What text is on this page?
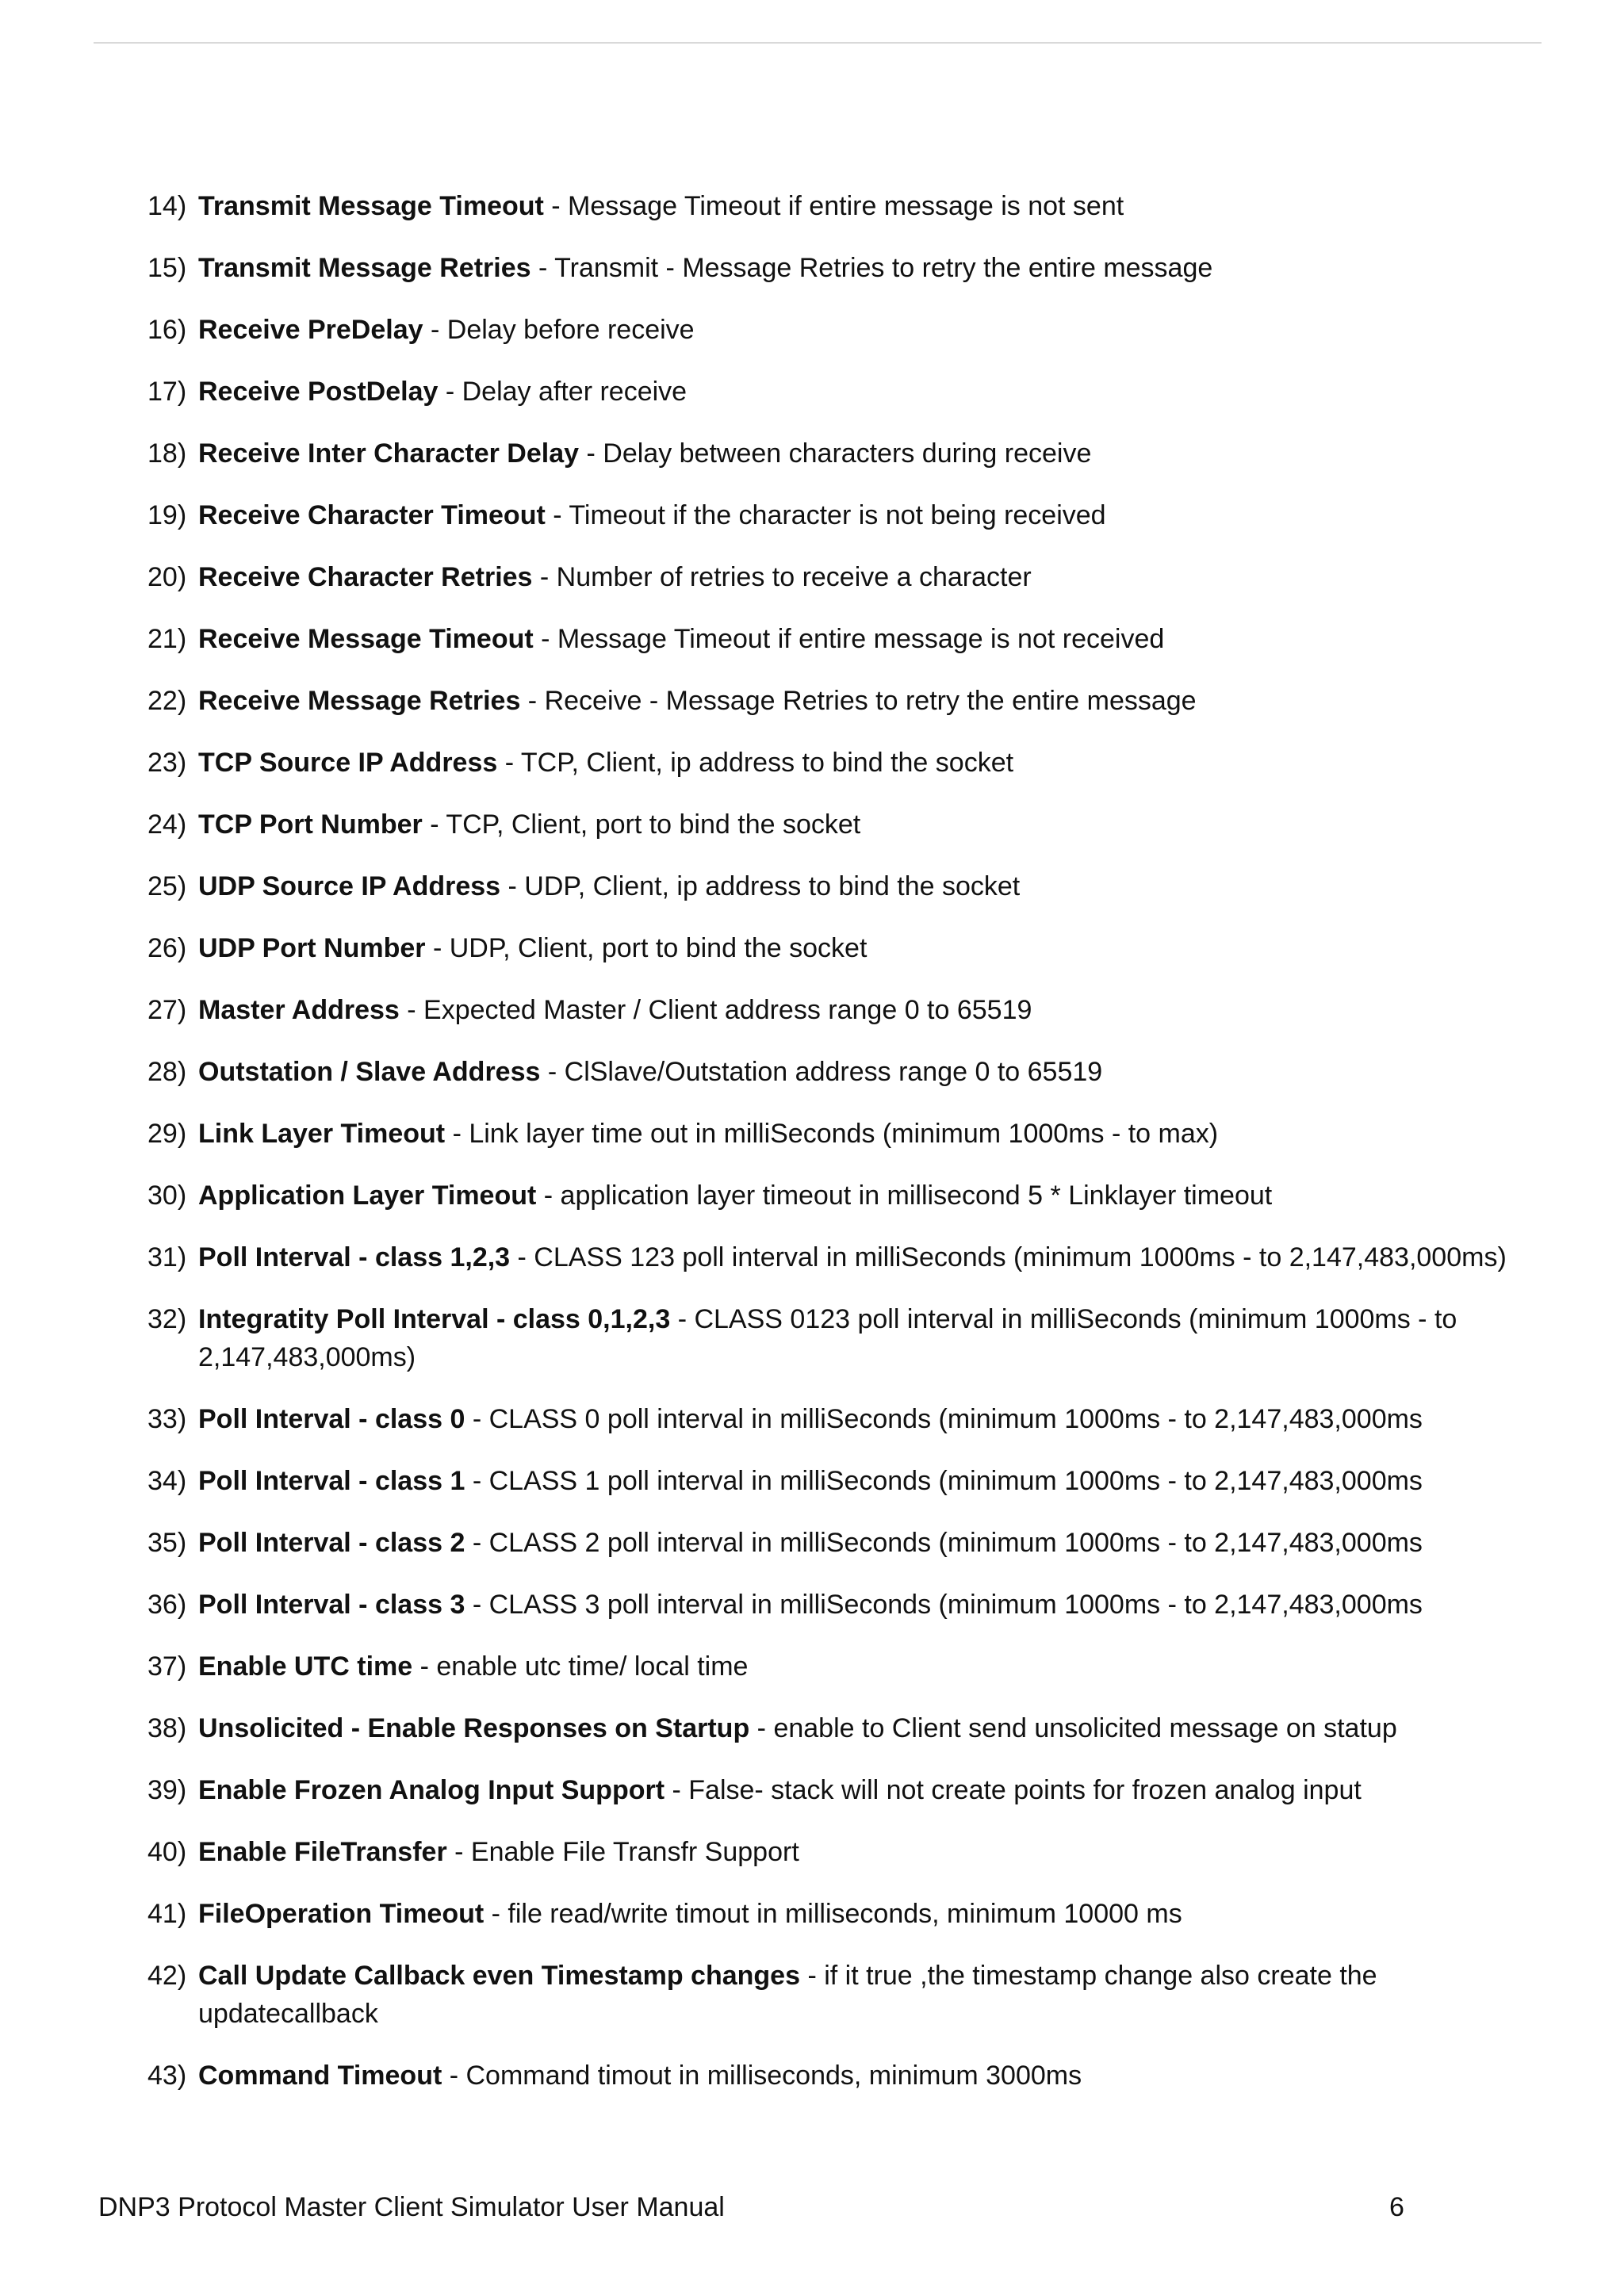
14) Transmit Message Timeout - Message Timeout if entire message is not sent
15) Transmit Message Retries - Transmit - Message Retries to retry the entire message
16) Receive PreDelay - Delay before receive
17) Receive PostDelay - Delay after receive
18) Receive Inter Character Delay - Delay between characters during receive
19) Receive Character Timeout - Timeout if the character is not being received
20) Receive Character Retries - Number of retries to receive a character
21) Receive Message Timeout - Message Timeout if entire message is not received
22) Receive Message Retries - Receive - Message Retries to retry the entire message
23) TCP Source IP Address - TCP, Client, ip address to bind the socket
24) TCP Port Number - TCP, Client, port to bind the socket
25) UDP Source IP Address - UDP, Client, ip address to bind the socket
26) UDP Port Number - UDP, Client, port to bind the socket
27) Master Address - Expected Master / Client address range 0 to 65519
28) Outstation / Slave Address - ClSlave/Outstation address range 0 to 65519
29) Link Layer Timeout - Link layer time out in milliSeconds (minimum 1000ms - to max)
30) Application Layer Timeout - application layer timeout in millisecond 5 * Linklayer timeout
31) Poll Interval - class 1,2,3 - CLASS 123 poll interval in milliSeconds (minimum 1000ms - to 2,147,483,000ms)
32) Integratity Poll Interval - class 0,1,2,3 - CLASS 0123 poll interval in milliSeconds (minimum 1000ms - to 2,147,483,000ms)
33) Poll Interval - class 0 - CLASS 0 poll interval in milliSeconds (minimum 1000ms - to 2,147,483,000ms
34) Poll Interval - class 1 - CLASS 1 poll interval in milliSeconds (minimum 1000ms - to 2,147,483,000ms
35) Poll Interval - class 2 - CLASS 2 poll interval in milliSeconds (minimum 1000ms - to 2,147,483,000ms
36) Poll Interval - class 3 - CLASS 3 poll interval in milliSeconds (minimum 1000ms - to 2,147,483,000ms
37) Enable UTC time - enable utc time/ local time
38) Unsolicited - Enable Responses on Startup - enable to Client send unsolicited message on statup
39) Enable Frozen Analog Input Support - False- stack will not create points for frozen analog input
40) Enable FileTransfer - Enable File Transfr Support
41) FileOperation Timeout - file read/write timout in milliseconds, minimum 10000 ms
42) Call Update Callback even Timestamp changes - if it true ,the timestamp change also create the updatecallback
43) Command Timeout - Command timout in milliseconds, minimum 3000ms
DNP3 Protocol Master Client Simulator User Manual	6
